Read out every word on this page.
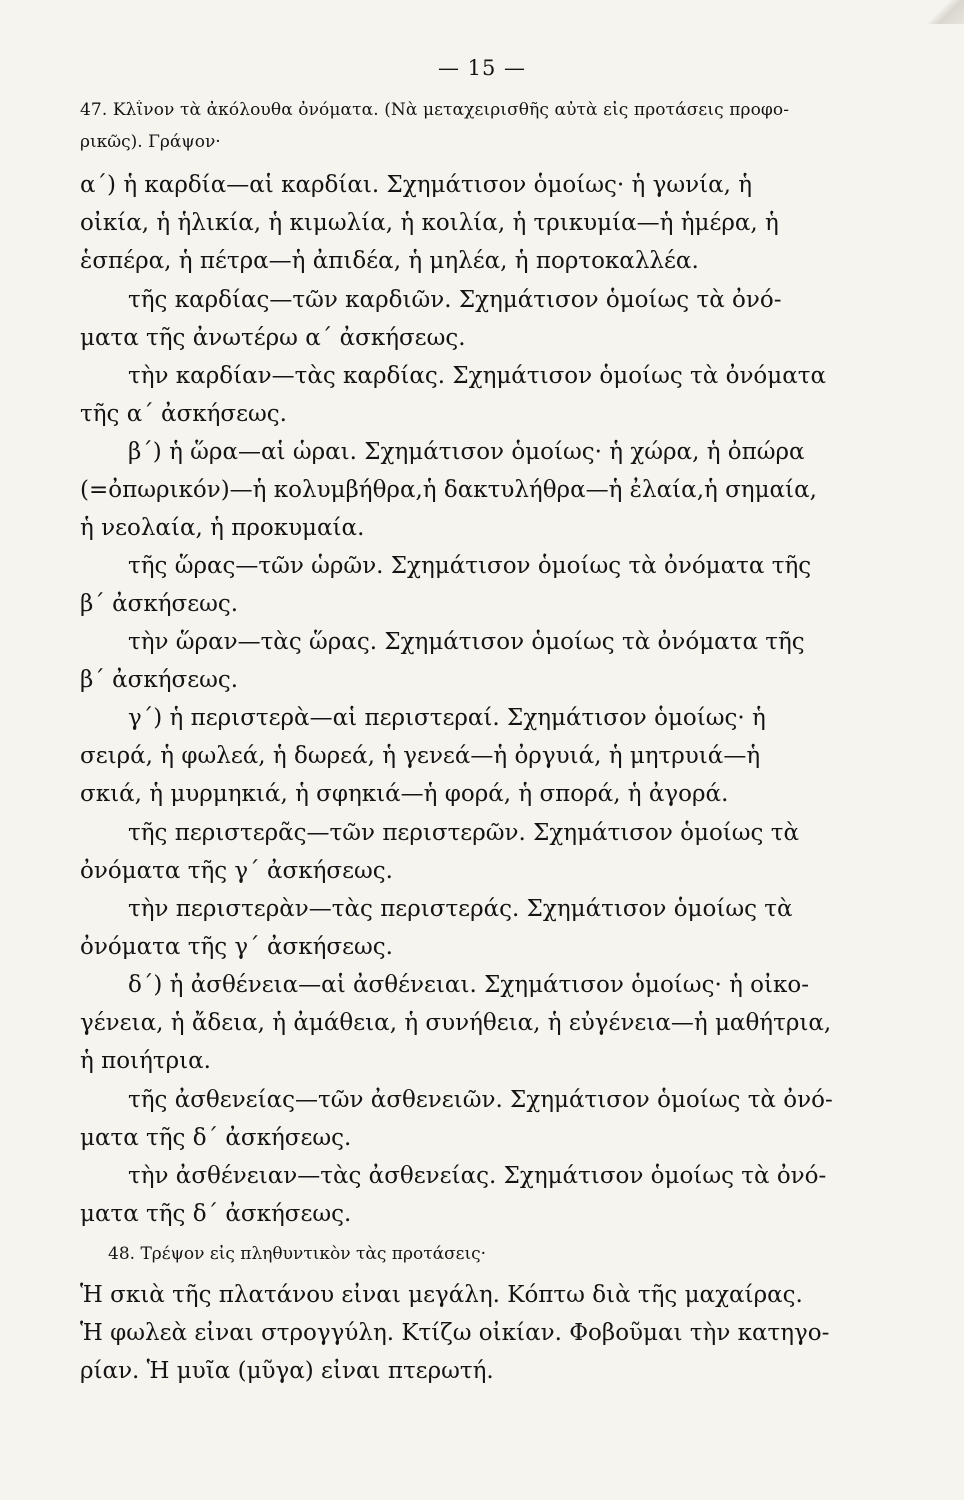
— 15 —
47. Κλΐνον τὰ ἀκόλουθα ὀνόματα. (Νὰ μεταχειρισθῆς αὐτὰ εἰς προτάσεις προφο-
ρικῶς). Γράψον·
α΄) ἡ καρδία—αἱ καρδίαι. Σχημάτισον ὁμοίως· ἡ γωνία, ἡ
οἰκία, ἡ ἡλικία, ἡ κιμωλία, ἡ κοιλία, ἡ τρικυμία—ἡ ἡμέρα, ἡ
ἑσπέρα, ἡ πέτρα—ἡ ἀπιδέα, ἡ μηλέα, ἡ πορτοκαλλέα.
τῆς καρδίας—τῶν καρδιῶν. Σχημάτισον ὁμοίως τὰ ὀνό-
ματα τῆς ἀνωτέρω α΄ ἀσκήσεως.
τὴν καρδίαν—τὰς καρδίας. Σχημάτισον ὁμοίως τὰ ὀνόματα
τῆς α΄ ἀσκήσεως.
β΄) ἡ ὥρα—αἱ ὧραι. Σχημάτισον ὁμοίως· ἡ χώρα, ἡ ὀπώρα
(=ὀπωρικόν)—ἡ κολυμβήθρα,ἡ δακτυλήθρα—ἡ ἐλαία,ἡ σημαία,
ἡ νεολαία, ἡ προκυμαία.
τῆς ὥρας—τῶν ὡρῶν. Σχημάτισον ὁμοίως τὰ ὀνόματα τῆς
β΄ ἀσκήσεως.
τὴν ὥραν—τὰς ὥρας. Σχημάτισον ὁμοίως τὰ ὀνόματα τῆς
β΄ ἀσκήσεως.
γ΄) ἡ περιστερὰ—αἱ περιστεραί. Σχημάτισον ὁμοίως· ἡ
σειρά, ἡ φωλεά, ἡ δωρεά, ἡ γενεά—ἡ ὀργυιά, ἡ μητρυιά—ἡ
σκιά, ἡ μυρμηκιά, ἡ σφηκιά—ἡ φορά, ἡ σπορά, ἡ ἀγορά.
τῆς περιστερᾶς—τῶν περιστερῶν. Σχημάτισον ὁμοίως τὰ
ὀνόματα τῆς γ΄ ἀσκήσεως.
τὴν περιστερὰν—τὰς περιστεράς. Σχημάτισον ὁμοίως τὰ
ὀνόματα τῆς γ΄ ἀσκήσεως.
δ΄) ἡ ἀσθένεια—αἱ ἀσθένειαι. Σχημάτισον ὁμοίως· ἡ οἰκο-
γένεια, ἡ ἄδεια, ἡ ἀμάθεια, ἡ συνήθεια, ἡ εὐγένεια—ἡ μαθήτρια,
ἡ ποιήτρια.
τῆς ἀσθενείας—τῶν ἀσθενειῶν. Σχημάτισον ὁμοίως τὰ ὀνό-
ματα τῆς δ΄ ἀσκήσεως.
τὴν ἀσθένειαν—τὰς ἀσθενείας. Σχημάτισον ὁμοίως τὰ ὀνό-
ματα τῆς δ΄ ἀσκήσεως.
48. Τρέψον εἰς πληθυντικὸν τὰς προτάσεις·
Ἡ σκιὰ τῆς πλατάνου εἶναι μεγάλη. Κόπτω διὰ τῆς μαχαίρας.
Ἡ φωλεὰ εἶναι στρογγύλη. Κτίζω οἰκίαν. Φοβοῦμαι τὴν κατηγο-
ρίαν. Ἡ μυῖα (μῦγα) εἶναι πτερωτή.
